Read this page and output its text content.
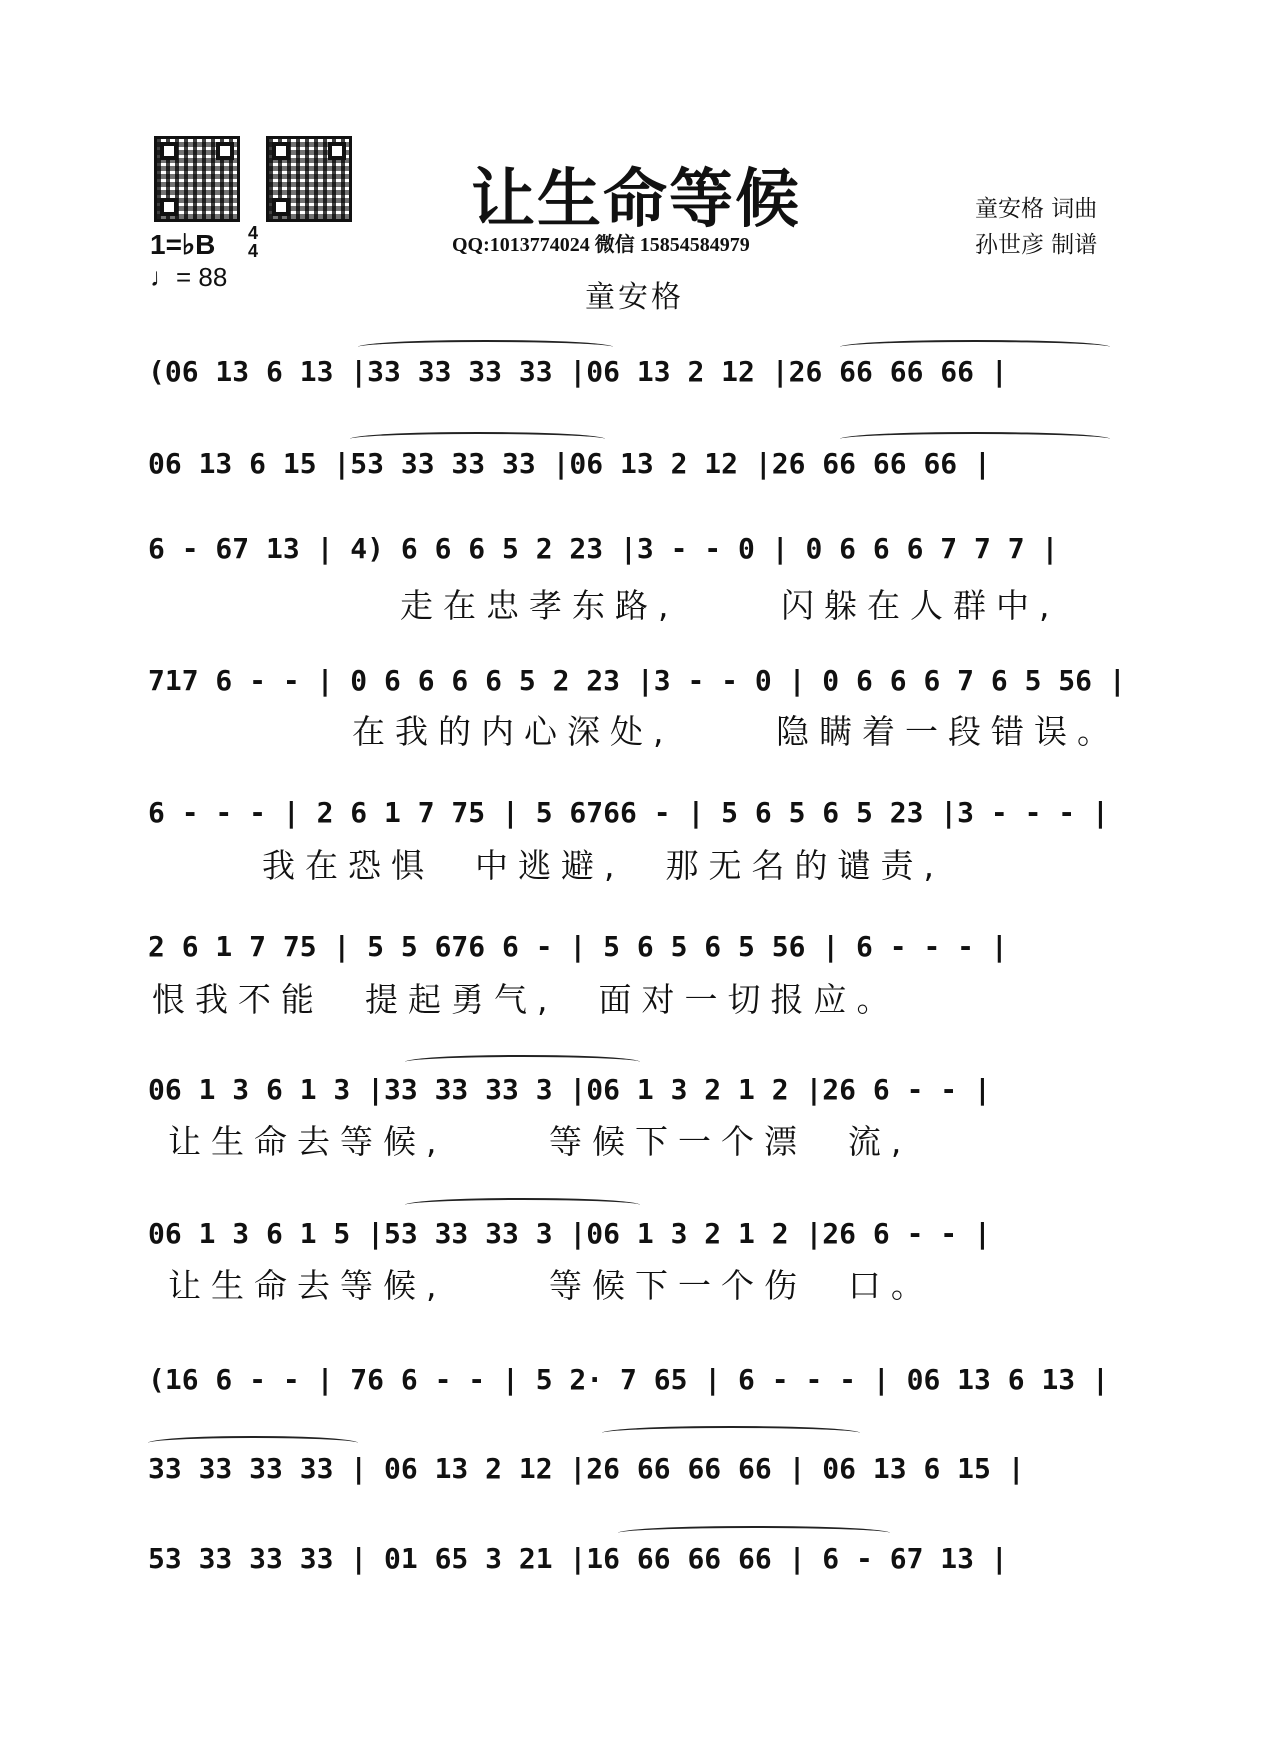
让生命等候
QQ:1013774024 微信 15854584979
童安格 词曲
孙世彦 制谱
1=♭B 4
4
♩= 88
童安格
(06 13 6 13 |33 33 33 33 |06 13 2 12 |26 66 66 66 |
06 13 6 15 |53 33 33 33 |06 13 2 12 |26 66 66 66 |
6 - 67 13 | 4) 6 6 6 5 2 23 |3 - - 0 | 0 6 6 6 7 7 7 |
走在忠孝东路,     闪躲在人群中,
717 6 - - | 0 6 6 6 6 5 2 23 |3 - - 0 | 0 6 6 6 7 6 5 56 |
在我的内心深处,     隐瞒着一段错误。
6 - - - | 2 6 1 7 75 | 5 6766 - | 5 6 5 6 5 23 |3 - - - |
我在恐惧  中逃避,  那无名的谴责,
2 6 1 7 75 | 5 5 676 6 - | 5 6 5 6 5 56 | 6 - - - |
恨我不能  提起勇气,  面对一切报应。
06 1 3 6 1 3 |33 33 33 3 |06 1 3 2 1 2 |26 6 - - |
让生命去等候,     等候下一个漂  流,
06 1 3 6 1 5 |53 33 33 3 |06 1 3 2 1 2 |26 6 - - |
让生命去等候,     等候下一个伤  口。
(16 6 - - | 76 6 - - | 5 2· 7 65 | 6 - - - | 06 13 6 13 |
33 33 33 33 | 06 13 2 12 |26 66 66 66 | 06 13 6 15 |
53 33 33 33 | 01 65 3 21 |16 66 66 66 | 6 - 67 13 |
